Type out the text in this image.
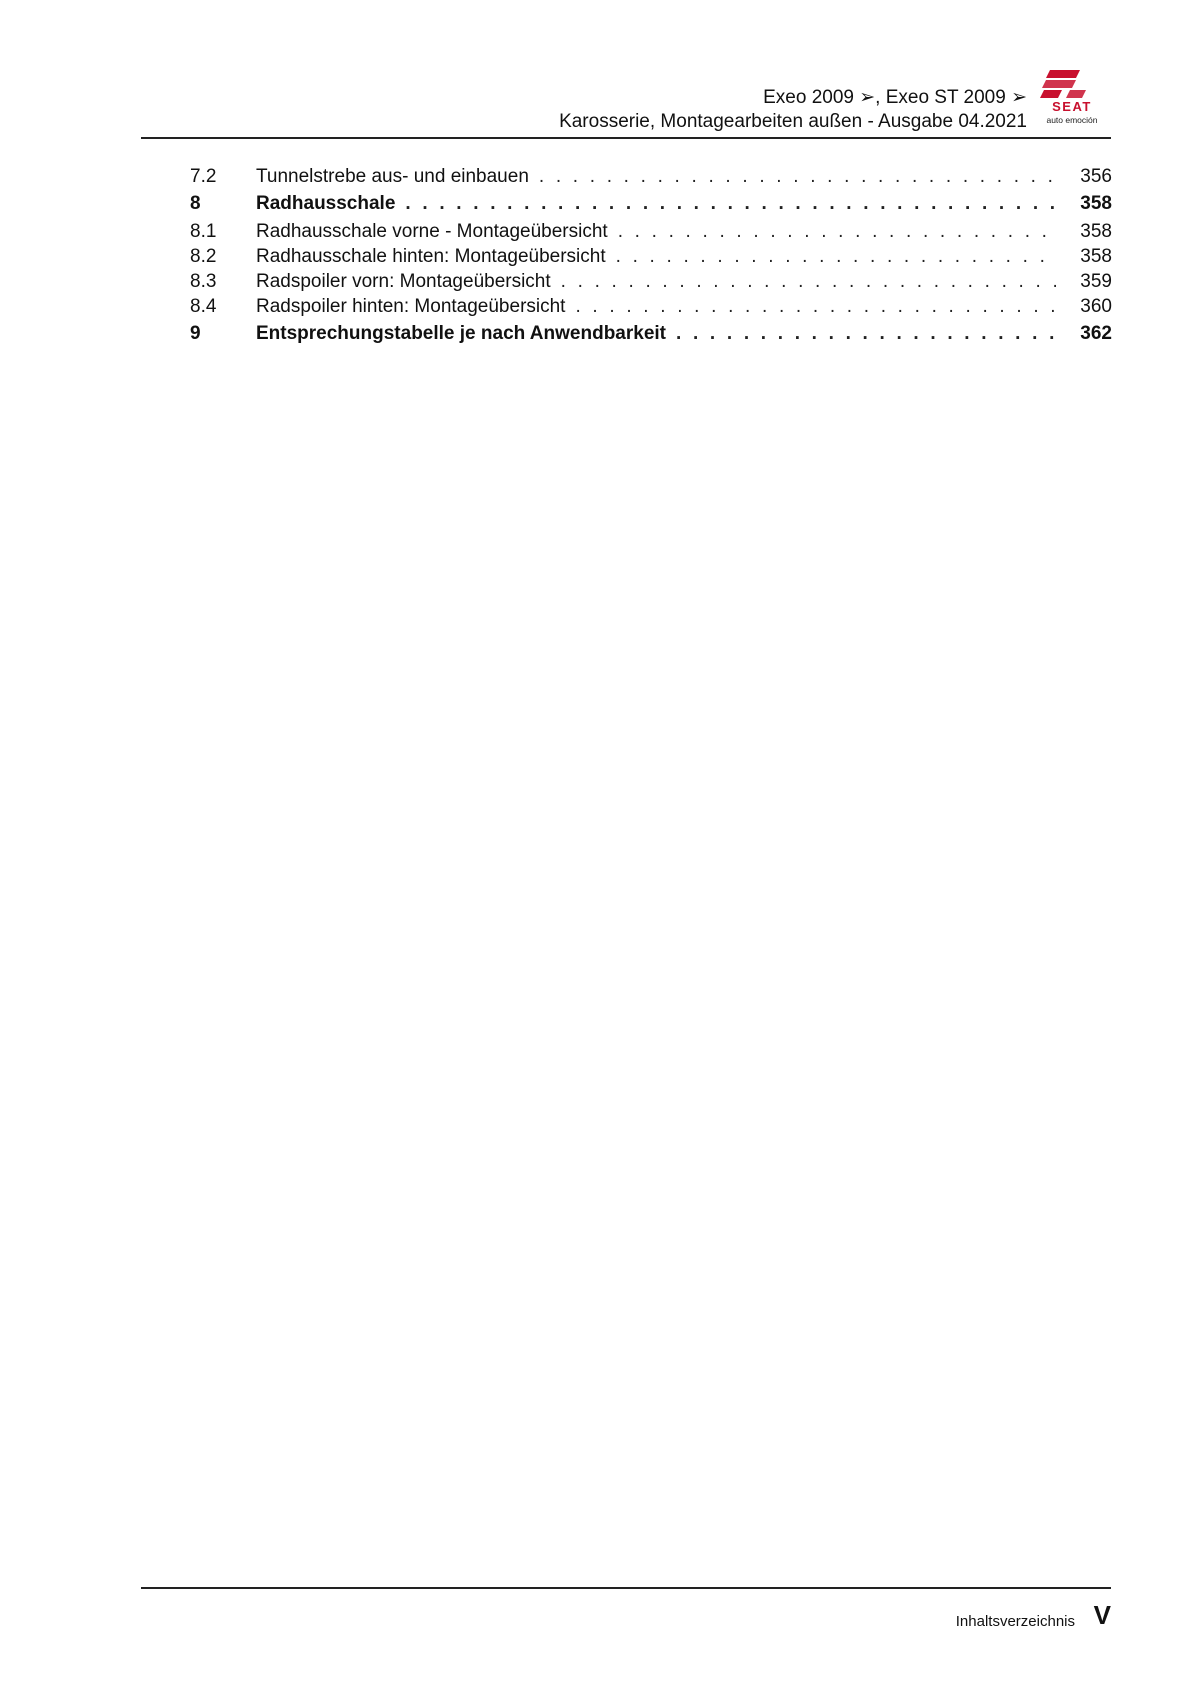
Exeo 2009 ➢, Exeo ST 2009 ➢
Karosserie, Montagearbeiten außen - Ausgabe 04.2021
SEAT
auto emoción
7.2 Tunnelstrebe aus- und einbauen . . .	356
8	Radhausschale . . .	358
8.1 Radhausschale vorne - Montageübersicht . . .	358
8.2 Radhausschale hinten: Montageübersicht . . .	358
8.3 Radspoiler vorn: Montageübersicht . . .	359
8.4 Radspoiler hinten: Montageübersicht . . .	360
9	Entsprechungstabelle je nach Anwendbarkeit . . .	362
Inhaltsverzeichnis V
